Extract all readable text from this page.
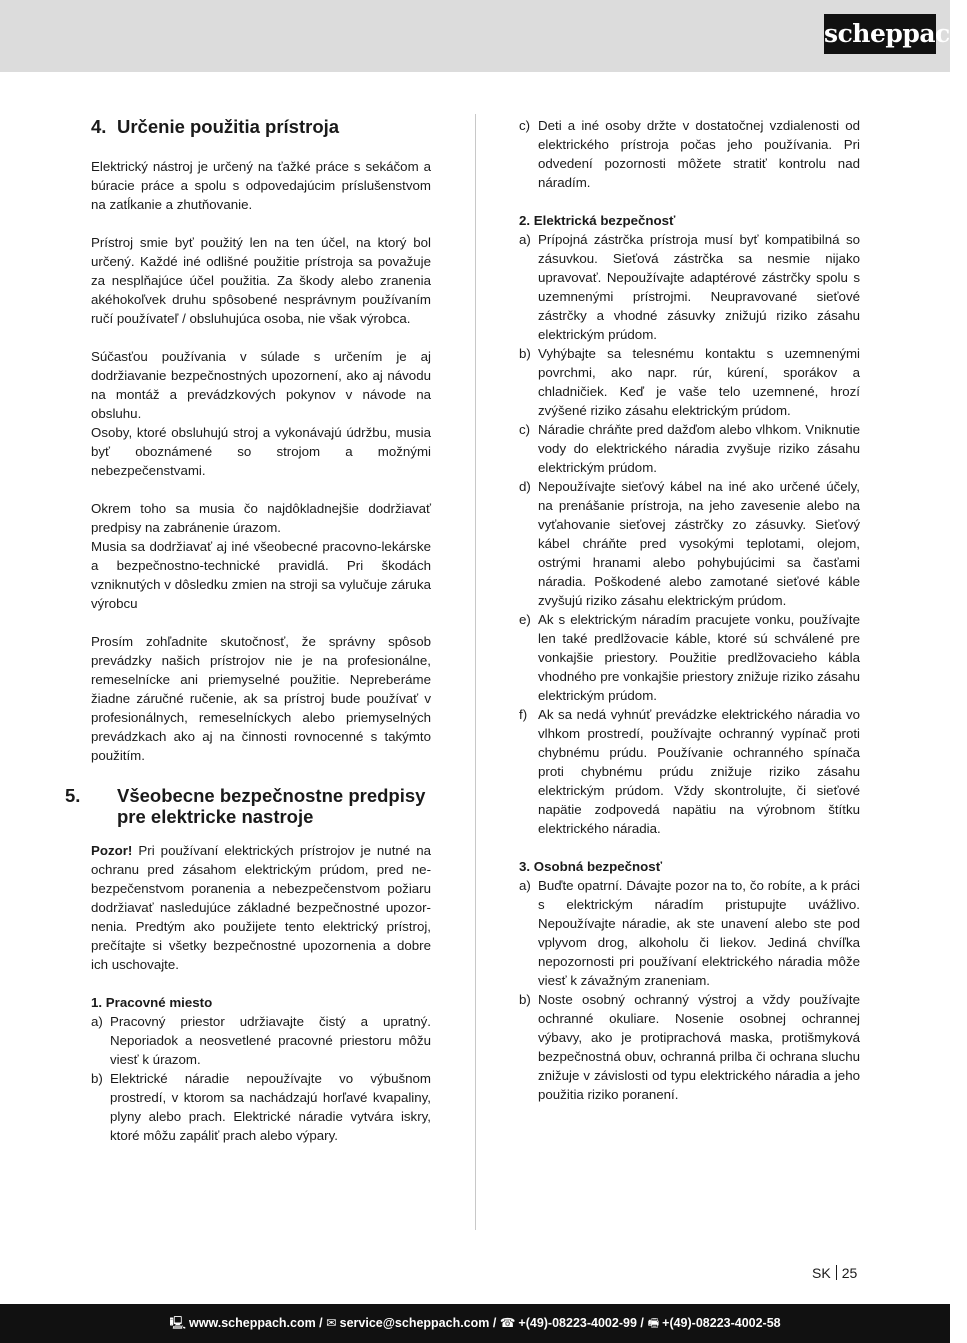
scheppach
4. Určenie použitia prístroja

Elektrický nástroj je určený na ťažké práce s sekáčom a búracie práce a spolu s odpovedajúcim príslušenstvom na zatĺkanie a zhutňovanie.

Prístroj smie byť použitý len na ten účel, na ktorý bol určený. Každé iné odlišné použitie prístroja sa považuje za nesplňajúce účel použitia. Za škody alebo zranenia akéhokoľvek druhu spôsobené nesprávnym používaním ručí používateľ / obsluhujúca osoba, nie však výrobca.

Súčasťou používania v súlade s určením je aj dodržiavanie bezpečnostných upozornení, ako aj návodu na montáž a prevádzkových pokynov v návode na obsluhu.

Osoby, ktoré obsluhujú stroj a vykonávajú údržbu, musia byť oboznámené so strojom a možnými nebezpečenstvami.

Okrem toho sa musia čo najdôkladnejšie dodržiavať predpisy na zabránenie úrazom.

Musia sa dodržiavať aj iné všeobecné pracovno-lekárske a bezpečnostno-technické pravidlá. Pri škodách vzniknutých v dôsledku zmien na stroji sa vylučuje záruka výrobcu

Prosím zohľadnite skutočnosť, že správny spôsob prevádzky našich prístrojov nie je na profesionálne, remeselnícke ani priemyselné použitie. Nepreberáme žiadne záručné ručenie, ak sa prístroj bude používať v profesionálnych, remeselníckych alebo priemyselných prevádzkach ako aj na činnosti rovnocenné s takýmto použitím.

5. Všeobecne bezpečnostne predpisy pre elektricke nastroje

Pozor! Pri používaní elektrických prístrojov je nutné na ochranu pred zásahom elektrickým prúdom, pred ne-bezpečenstvom poranenia a nebezpečenstvom požiaru dodržiavať nasledujúce základné bezpečnostné upozor-nenia. Predtým ako použijete tento elektrický prístroj, prečítajte si všetky bezpečnostné upozornenia a dobre ich uschovajte.

1. Pracovné miesto

a) Pracovný priestor udržiavajte čistý a upratný. Neporiadok a neosvetlené pracovné priestoru môžu viesť k úrazom.
b) Elektrické náradie nepoužívajte vo výbušnom prostredí, v ktorom sa nachádzajú horľavé kvapaliny, plyny alebo prach. Elektrické náradie vytvára iskry, ktoré môžu zapáliť prach alebo výpary.
c) Deti a iné osoby držte v dostatočnej vzdialenosti od elektrického prístroja počas jeho používania. Pri odvedení pozornosti môžete stratiť kontrolu nad náradím.

2. Elektrická bezpečnosť

a) Prípojná zástrčka prístroja musí byť kompatibilná so zásuvkou. Sieťová zástrčka sa nesmie nijako upravovať. Nepoužívajte adaptérové zástrčky spolu s uzemnenými prístrojmi. Neupravované sieťové zástrčky a vhodné zásuvky znižujú riziko zásahu elektrickým prúdom.
b) Vyhýbajte sa telesnému kontaktu s uzemnenými povrchmi, ako napr. rúr, kúrení, sporákov a chladničiek. Keď je vaše telo uzemnené, hrozí zvýšené riziko zásahu elektrickým prúdom.
c) Náradie chráňte pred dažďom alebo vlhkom. Vniknutie vody do elektrického náradia zvyšuje riziko zásahu elektrickým prúdom.
d) Nepoužívajte sieťový kábel na iné ako určené účely, na prenášanie prístroja, na jeho zavesenie alebo na vyťahovanie sieťovej zástrčky zo zásuvky. Sieťový kábel chráňte pred vysokými teplotami, olejom, ostrými hranami alebo pohybujúcimi sa časťami náradia. Poškodené alebo zamotané sieťové káble zvyšujú riziko zásahu elektrickým prúdom.
e) Ak s elektrickým náradím pracujete vonku, používajte len také predlžovacie káble, ktoré sú schválené pre vonkajšie priestory. Použitie predlžovacieho kábla vhodného pre vonkajšie priestory znižuje riziko zásahu elektrickým prúdom.
f) Ak sa nedá vyhnúť prevádzke elektrického náradia vo vlhkom prostredí, používajte ochranný vypínač proti chybnému prúdu. Používanie ochranného spínača proti chybnému prúdu znižuje riziko zásahu elektrickým prúdom. Vždy skontrolujte, či sieťové napätie zodpovedá napätiu na výrobnom štítku elektrického náradia.

3. Osobná bezpečnosť

a) Buďte opatrní. Dávajte pozor na to, čo robíte, a k práci s elektrickým náradím pristupujte uvážlivo. Nepoužívajte náradie, ak ste unavení alebo ste pod vplyvom drog, alkoholu či liekov. Jediná chvíľka nepozornosti pri používaní elektrického náradia môže viesť k závažným zraneniam.
b) Noste osobný ochranný výstroj a vždy používajte ochranné okuliare. Nosenie osobnej ochrannej výbavy, ako je protiprachová maska, protišmyková bezpečnostná obuv, ochranná prilba či ochrana sluchu znižuje v závislosti od typu elektrického náradia a jeho použitia riziko poranení.
SK 25
🖳 www.scheppach.com / ✉ service@scheppach.com / ☎ +(49)-08223-4002-99 / 🖷 +(49)-08223-4002-58
